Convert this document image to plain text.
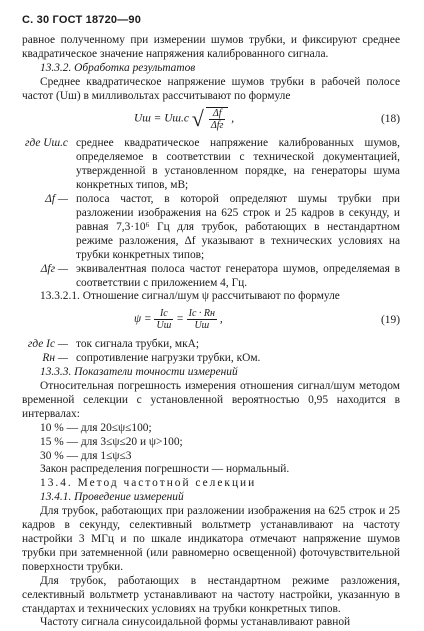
С. 30 ГОСТ 18720—90

равное полученному при измерении шумов трубки, и фиксируют среднее квадратическое значение напряжения калиброванного сигнала.

13.3.2. Обработка результатов

Среднее квадратическое напряжение шумов трубки в рабочей полосе частот (Uш) в милливольтах рассчитывают по формуле

Uш = Uш.с √ $\frac{\Delta f}{\text{Δfг}}$ ,	(18)
где Uш.с среднее квадратическое напряжение калиброванных шумов, определяемое в соответствии с технической документацией, утвержденной в установленном порядке, на генераторы шума конкретных типов, мВ;
Δf — полоса частот, в которой определяют шумы трубки при разложении изображения на 625 строк и 25 кадров в секунду, и равная 7,3·10⁶ Гц для трубок, работающих в нестандартном режиме разложения, Δf указывают в технических условиях на трубки конкретных типов;
Δfг — эквивалентная полоса частот генератора шумов, определяемая в соответствии с приложением 4, Гц.

13.3.2.1. Отношение сигнал/шум ψ рассчитывают по формуле

$\psi = \frac{Iс}{Uш} = \frac{Iс \cdot Rн}{Uш}$ ,	(19)
где Iс — ток сигнала трубки, мкА;
Rн — сопротивление нагрузки трубки, кОм.

13.3.3. Показатели точности измерений

Относительная погрешность измерения отношения сигнал/шум методом временной селекции с установленной вероятностью 0,95 находится в интервалах:

10 % — для 20≤ψ≤100;
15 % — для 3≤ψ≤20 и ψ>100;
30 % — для 1≤ψ≤3

Закон распределения погрешности — нормальный.

13.4. Метод частотной селекции

13.4.1. Проведение измерений

Для трубок, работающих при разложении изображения на 625 строк и 25 кадров в секунду, селективный вольтметр устанавливают на частоту настройки 3 МГц и по шкале индикатора отмечают напряжение шумов трубки при затемненной (или равномерно освещенной) фоточувствительной поверхности трубки.

Для трубок, работающих в нестандартном режиме разложения, селективный вольтметр устанавливают на частоту настройки, указанную в стандартах и технических условиях на трубки конкретных типов.

Частоту сигнала синусоидальной формы устанавливают равной
